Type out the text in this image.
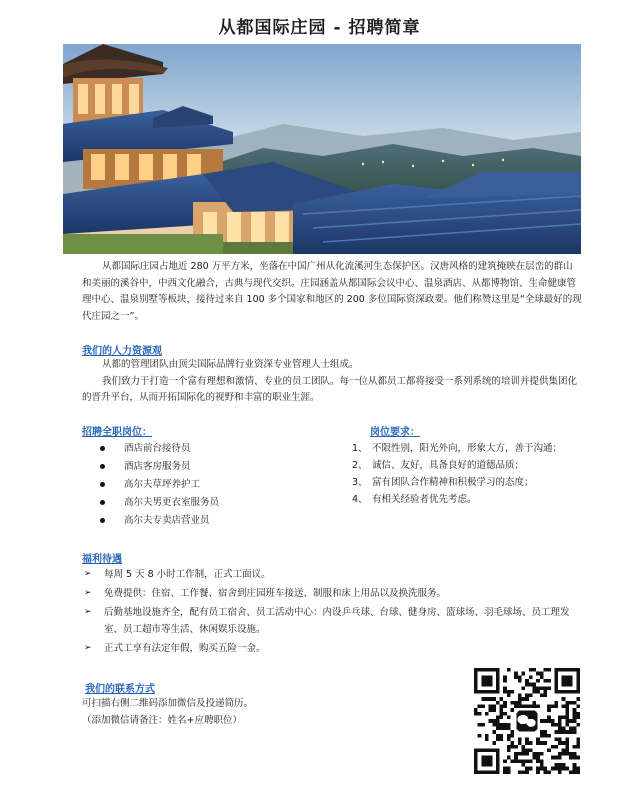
从都国际庄园 - 招聘简章

从都国际庄园占地近 280 万平方米，坐落在中国广州从化流溪河生态保护区。汉唐风格的建筑掩映在层峦的群山和美丽的溪谷中，中西文化融合，古典与现代交织。庄园涵盖从都国际会议中心、温泉酒店、从都博物馆、生命健康管理中心、温泉别墅等板块，接待过来自 100 多个国家和地区的 200 多位国际资深政要。他们称赞这里是“全球最好的现代庄园之一”。

我们的人力资源观

从都的管理团队由顶尖国际品牌行业资深专业管理人士组成。

我们致力于打造一个富有理想和激情、专业的员工团队。每一位从都员工都将接受一系列系统的培训并提供集团化的晋升平台，从而开拓国际化的视野和丰富的职业生涯。

招聘全职岗位：
酒店前台接待员
酒店客房服务员
高尔夫草坪养护工
高尔夫男更衣室服务员
高尔夫专卖店营业员
岗位要求：
1、 不限性别，阳光外向，形象大方，善于沟通；
2、 诚信、友好，具备良好的道德品质；
3、 富有团队合作精神和积极学习的态度；
4、 有相关经验者优先考虑。
福利待遇
➢ 每周 5 天 8 小时工作制，正式工面议。
➢ 免费提供：住宿、工作餐、宿舍到庄园班车接送、制服和床上用品以及换洗服务。
➢ 后勤基地设施齐全，配有员工宿舍、员工活动中心：内设乒乓球、台球、健身房、篮球场、羽毛球场、员工理发室、员工超市等生活、休闲娱乐设施。
➢ 正式工享有法定年假，购买五险一金。
我们的联系方式
可扫描右侧二维码添加微信及投递简历。
（添加微信请备注：姓名+应聘职位）
